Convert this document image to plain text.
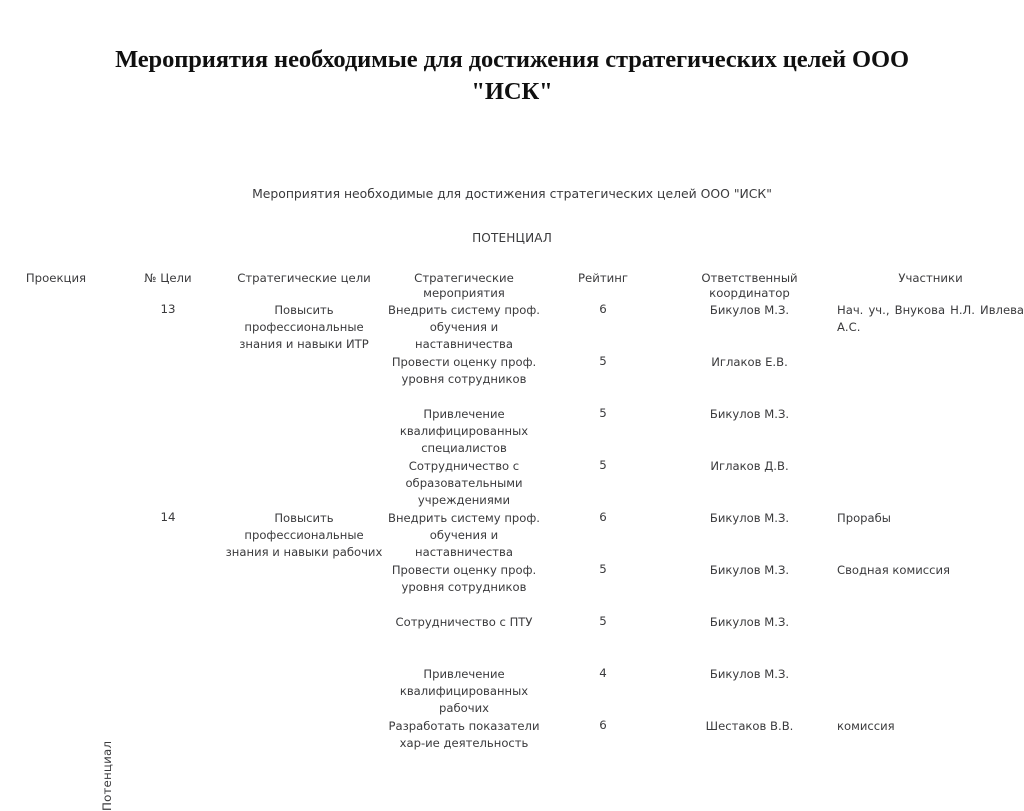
Мероприятия необходимые для достижения стратегических целей ООО "ИСК"
Мероприятия необходимые для достижения стратегических целей ООО "ИСК"						
ПОТЕНЦИАЛ						
Проекция	№ Цели	Стратегические цели	Стратегические мероприятия	Рейтинг	Ответственный координатор	Участники
	13	Повысить профессиональные знания и навыки ИТР	Внедрить систему проф. обучения и наставничества	6	Бикулов М.З.	Нач. уч., Внукова Н.Л. Ивлева А.С.
			Провести оценку проф. уровня сотрудников	5	Иглаков Е.В.	
			Привлечение квалифицированных специалистов	5	Бикулов М.З.	
			Сотрудничество с образовательными учреждениями	5	Иглаков Д.В.	
	14	Повысить профессиональные знания и навыки рабочих	Внедрить систему проф. обучения и наставничества	6	Бикулов М.З.	Прорабы
			Провести оценку проф. уровня сотрудников	5	Бикулов М.З.	Сводная комиссия
			Сотрудничество с ПТУ	5	Бикулов М.З.	
			Привлечение квалифицированных рабочих	4	Бикулов М.З.	
			Разработать показатели хар-ие деятельность	6	Шестаков В.В.	комиссия
Потенциал
